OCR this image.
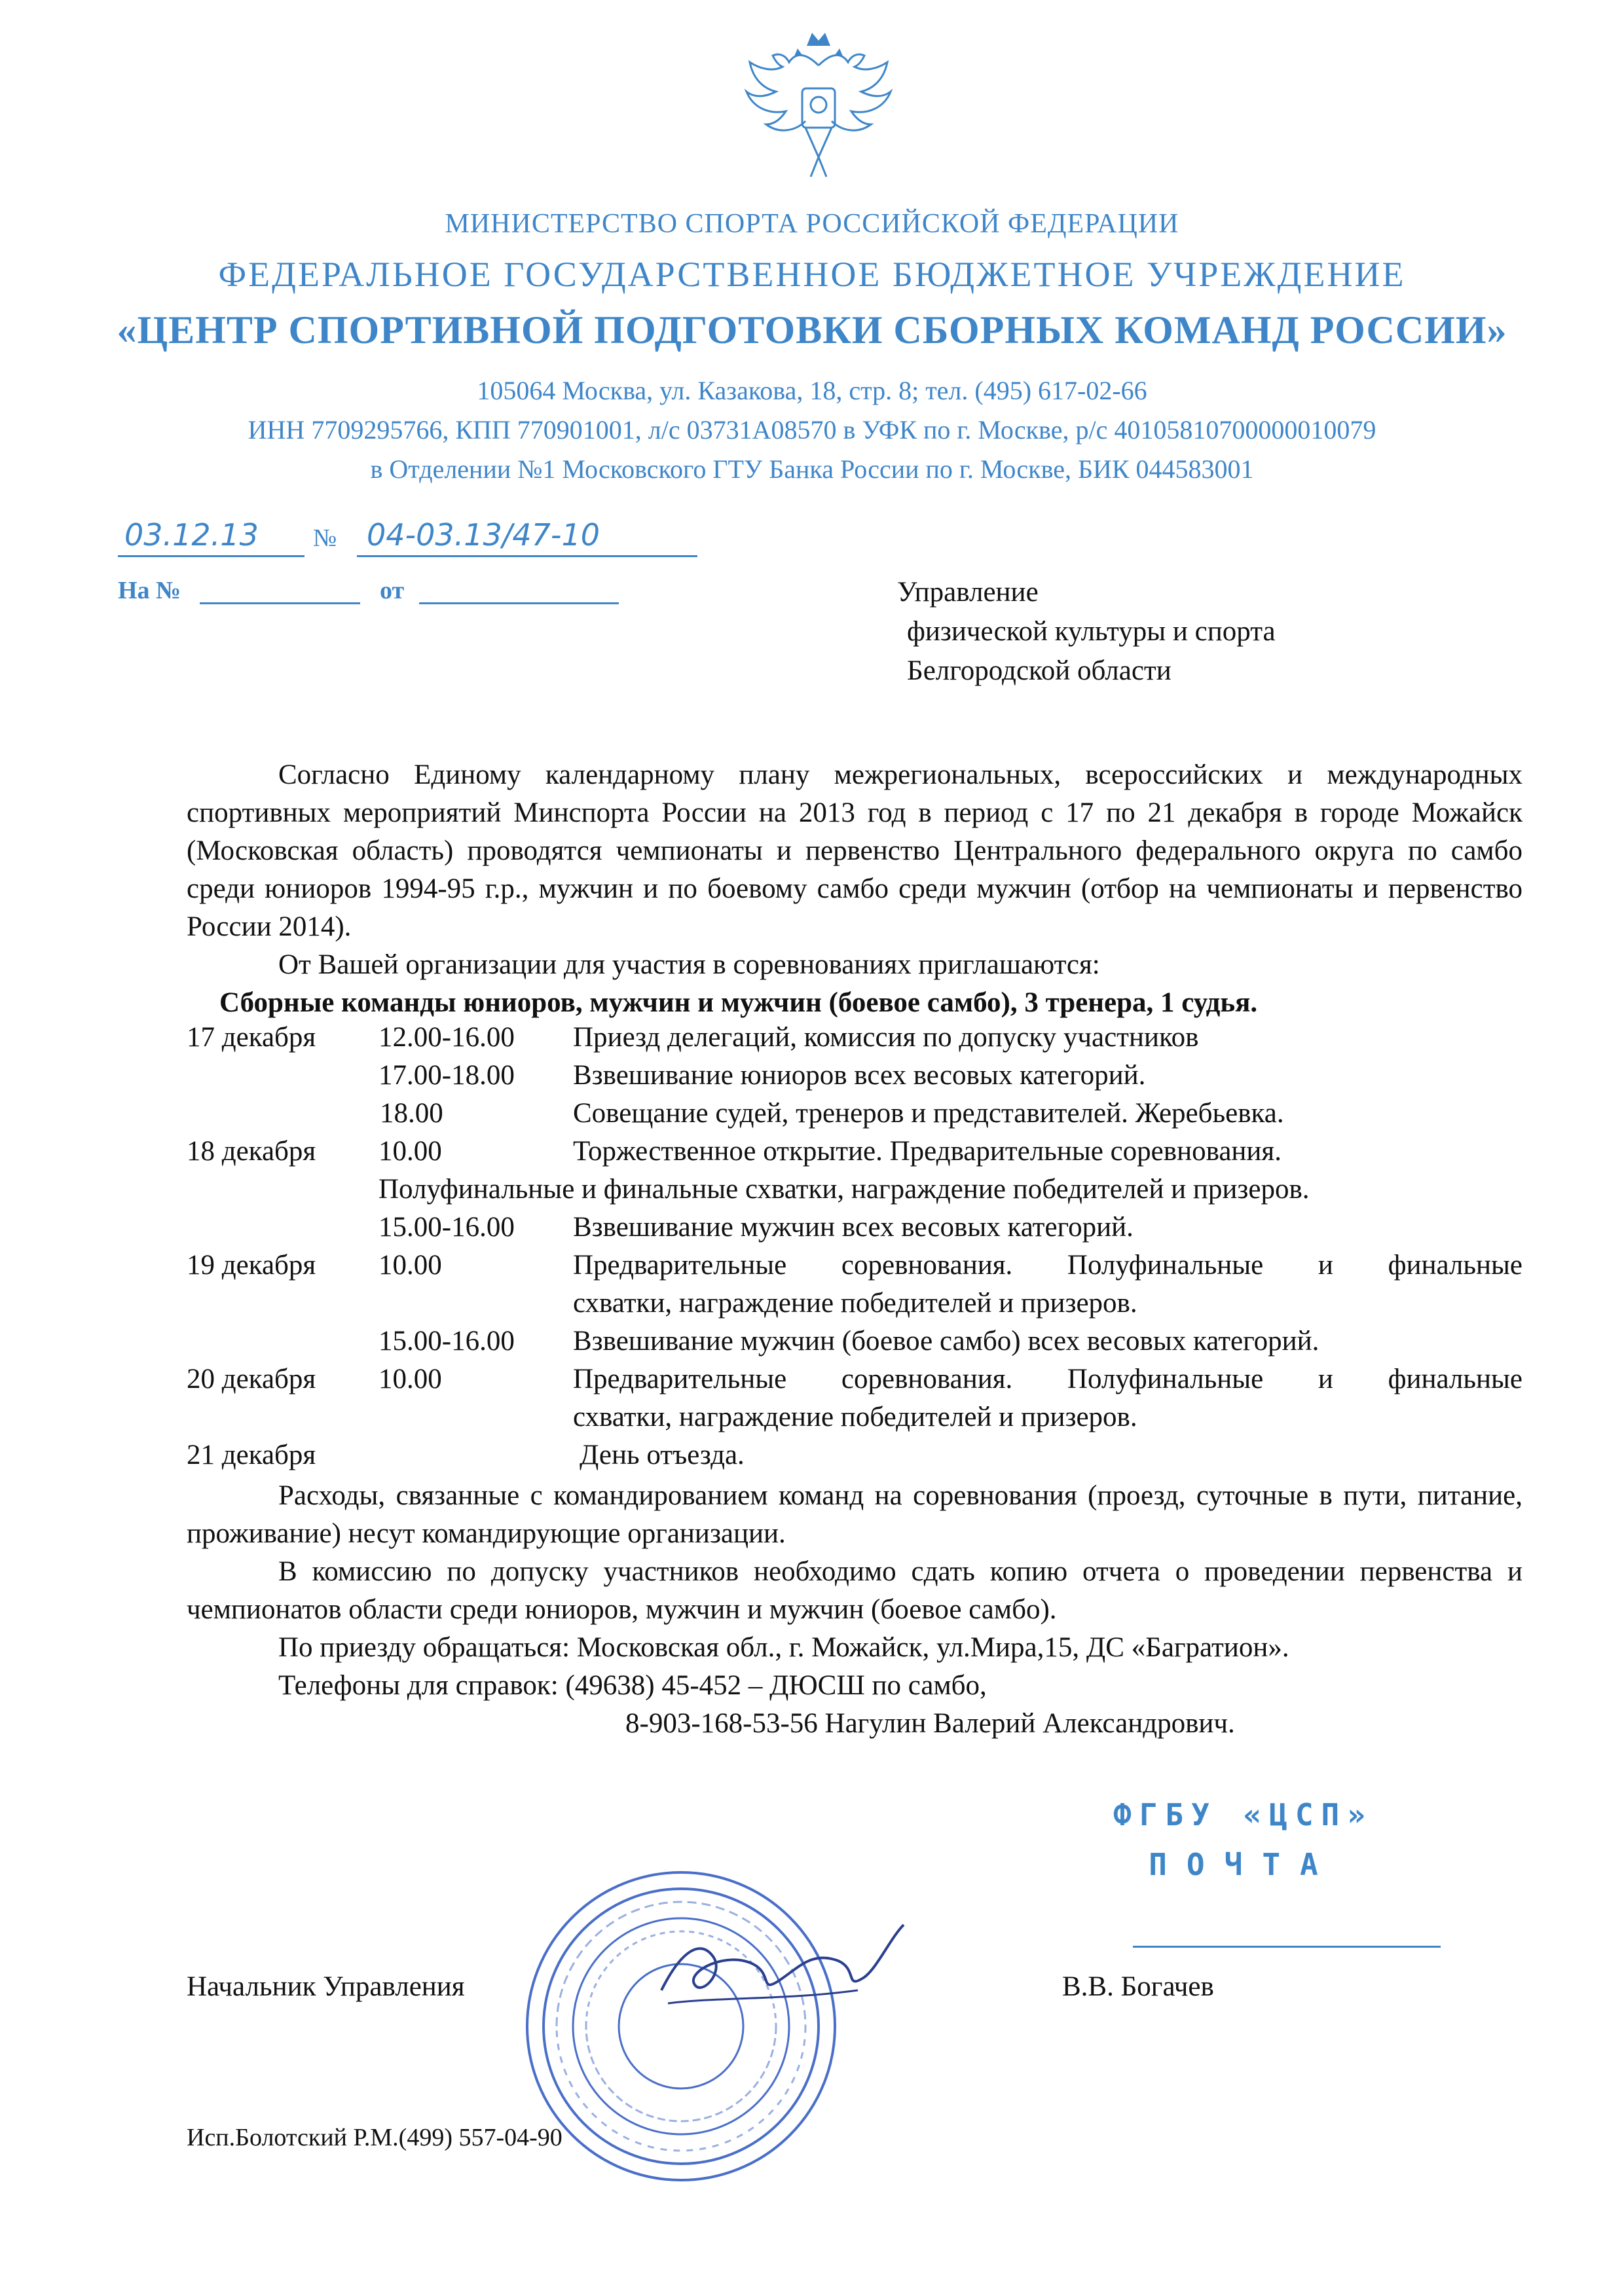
МИНИСТЕРСТВО СПОРТА РОССИЙСКОЙ ФЕДЕРАЦИИ
ФЕДЕРАЛЬНОЕ ГОСУДАРСТВЕННОЕ БЮДЖЕТНОЕ УЧРЕЖДЕНИЕ
«ЦЕНТР СПОРТИВНОЙ ПОДГОТОВКИ СБОРНЫХ КОМАНД РОССИИ»
105064 Москва, ул. Казакова, 18, стр. 8; тел. (495) 617-02-66
ИНН 7709295766, КПП 770901001, л/с 03731А08570 в УФК по г. Москве, р/с 40105810700000010079
в Отделении №1 Московского ГТУ Банка России по г. Москве, БИК 044583001
03.12.13 № 04-03.13/47-10
На №	от	Управление
физической культуры и спорта
Белгородской области

Согласно Единому календарному плану межрегиональных, всероссийских и международных спортивных мероприятий Минспорта России на 2013 год в период с 17 по 21 декабря в городе Можайск (Московская область) проводятся чемпионаты и первенство Центрального федерального округа по самбо среди юниоров 1994-95 г.р., мужчин и по боевому самбо среди мужчин (отбор на чемпионаты и первенство России 2014).

От Вашей организации для участия в соревнованиях приглашаются:

Сборные команды юниоров, мужчин и мужчин (боевое самбо), 3 тренера, 1 судья.

17 декабря 12.00-16.00 Приезд делегаций, комиссия по допуску участников
17.00-18.00 Взвешивание юниоров всех весовых категорий.
18.00	Совещание судей, тренеров и представителей. Жеребьевка.
18 декабря 10.00	Торжественное открытие. Предварительные соревнования.
Полуфинальные и финальные схватки, награждение победителей и призеров.
15.00-16.00 Взвешивание мужчин всех весовых категорий.
19 декабря 10.00	Предварительные соревнования. Полуфинальные и финальные
схватки, награждение победителей и призеров.
15.00-16.00 Взвешивание мужчин (боевое самбо) всех весовых категорий.
20 декабря 10.00	Предварительные соревнования. Полуфинальные и финальные
схватки, награждение победителей и призеров.
21 декабря	День отъезда.

Расходы, связанные с командированием команд на соревнования (проезд, суточные в пути, питание, проживание) несут командирующие организации.

В комиссию по допуску участников необходимо сдать копию отчета о проведении первенства и чемпионатов области среди юниоров, мужчин и мужчин (боевое самбо).

По приезду обращаться: Московская обл., г. Можайск, ул.Мира,15, ДС «Багратион».

Телефоны для справок: (49638) 45-452 – ДЮСШ по самбо,

8-903-168-53-56 Нагулин Валерий Александрович.

ФГБУ «ЦСП»
ПОЧТА
Начальник Управления	В.В. Богачев
Исп.Болотский Р.М.(499) 557-04-90
